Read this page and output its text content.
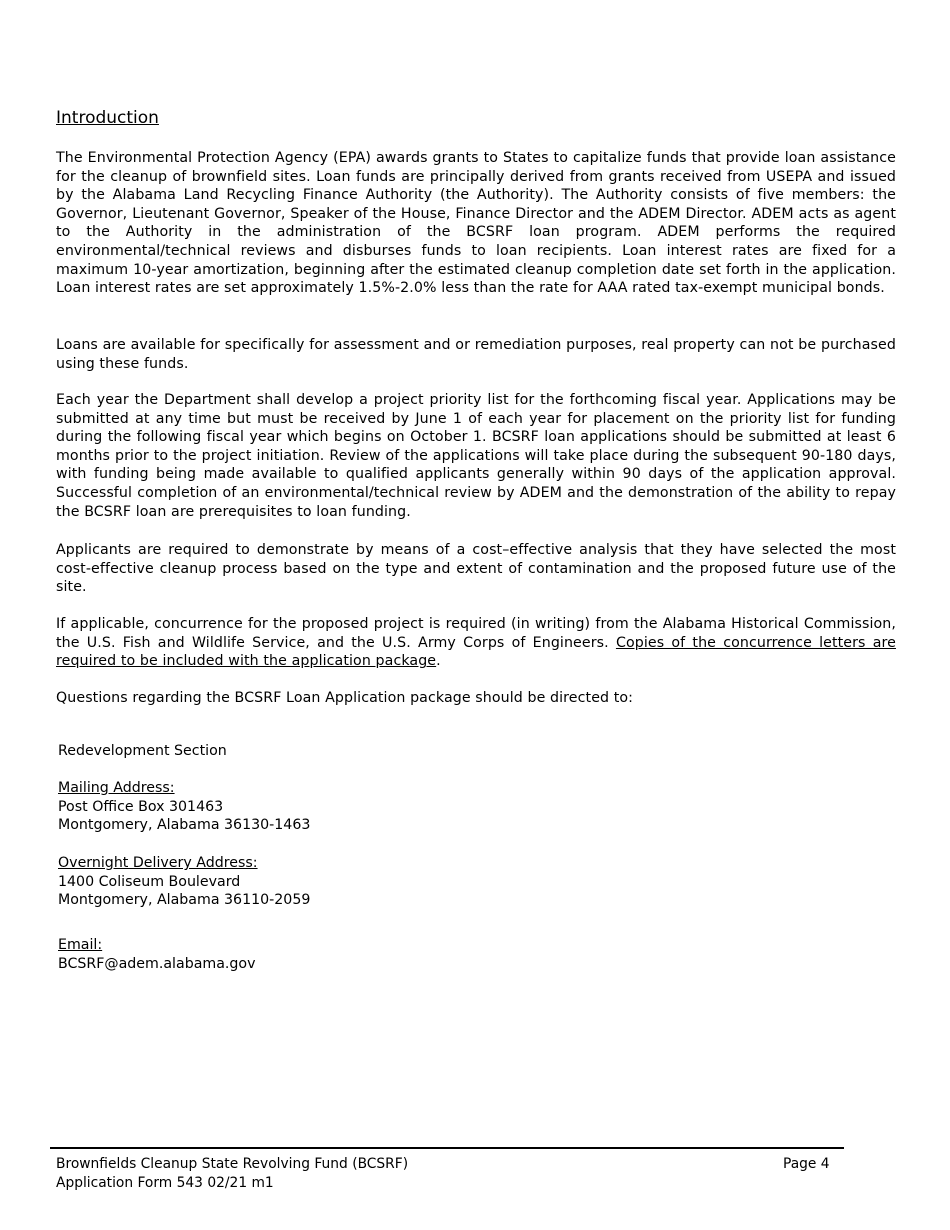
Introduction

The Environmental Protection Agency (EPA) awards grants to States to capitalize funds that provide loan assistance for the cleanup of brownfield sites. Loan funds are principally derived from grants received from USEPA and issued by the Alabama Land Recycling Finance Authority (the Authority). The Authority consists of five members: the Governor, Lieutenant Governor, Speaker of the House, Finance Director and the ADEM Director. ADEM acts as agent to the Authority in the administration of the BCSRF loan program. ADEM performs the required environmental/technical reviews and disburses funds to loan recipients. Loan interest rates are fixed for a maximum 10-year amortization, beginning after the estimated cleanup completion date set forth in the application. Loan interest rates are set approximately 1.5%-2.0% less than the rate for AAA rated tax-exempt municipal bonds.

Loans are available for specifically for assessment and or remediation purposes, real property can not be purchased using these funds.

Each year the Department shall develop a project priority list for the forthcoming fiscal year. Applications may be submitted at any time but must be received by June 1 of each year for placement on the priority list for funding during the following fiscal year which begins on October 1. BCSRF loan applications should be submitted at least 6 months prior to the project initiation. Review of the applications will take place during the subsequent 90-180 days, with funding being made available to qualified applicants generally within 90 days of the application approval. Successful completion of an environmental/technical review by ADEM and the demonstration of the ability to repay the BCSRF loan are prerequisites to loan funding.

Applicants are required to demonstrate by means of a cost–effective analysis that they have selected the most cost-effective cleanup process based on the type and extent of contamination and the proposed future use of the site.

If applicable, concurrence for the proposed project is required (in writing) from the Alabama Historical Commission, the U.S. Fish and Wildlife Service, and the U.S. Army Corps of Engineers. Copies of the concurrence letters are required to be included with the application package.

Questions regarding the BCSRF Loan Application package should be directed to:

Redevelopment Section
Mailing Address:
Post Office Box 301463
Montgomery, Alabama 36130-1463
Overnight Delivery Address:
1400 Coliseum Boulevard
Montgomery, Alabama 36110-2059
Email:
BCSRF@adem.alabama.gov
Brownfields Cleanup State Revolving Fund (BCSRF)
Application Form 543 02/21 m1
Page 4
